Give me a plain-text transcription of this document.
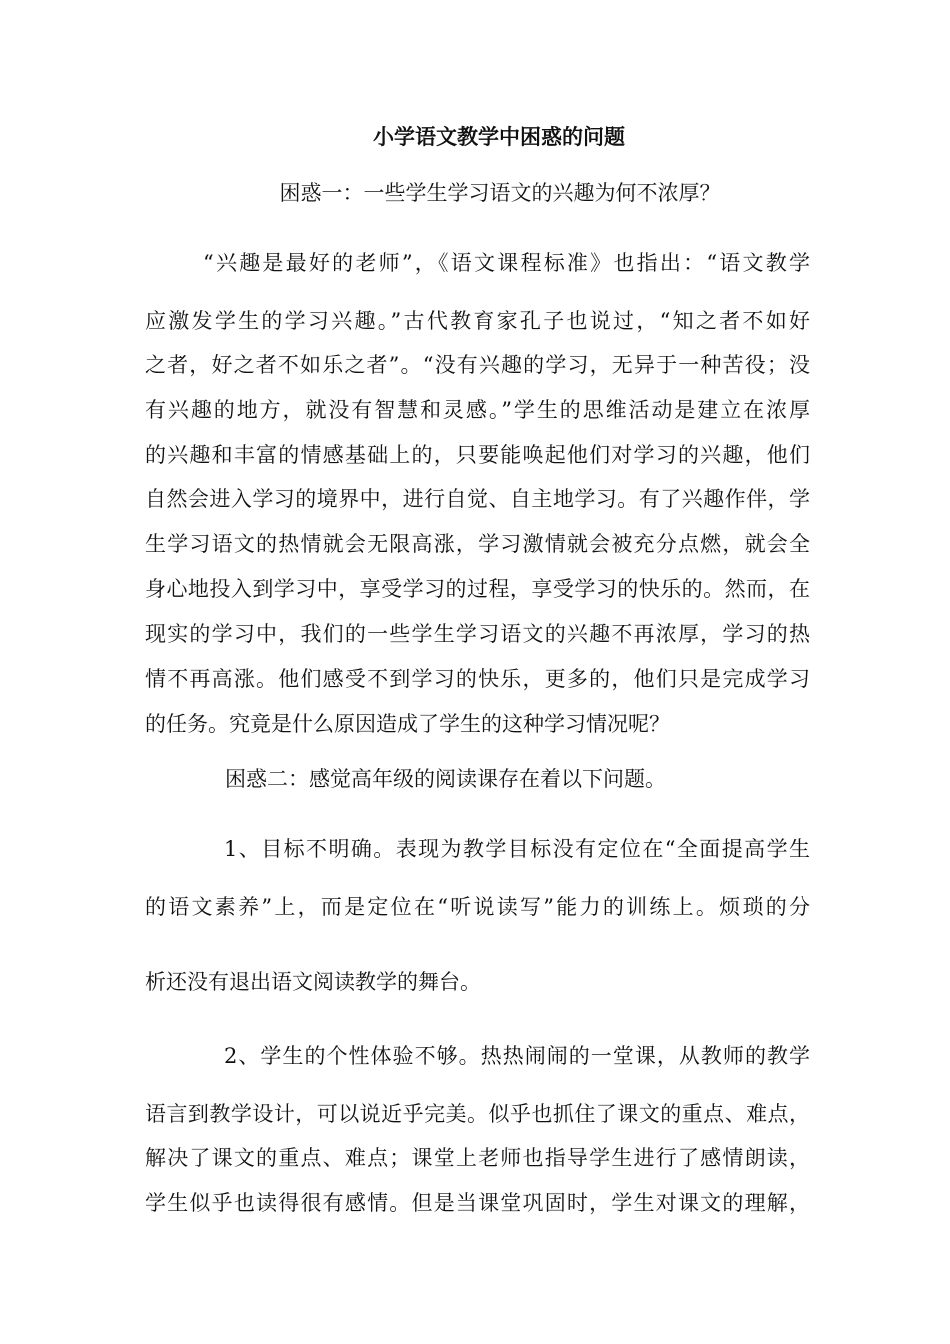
小学语文教学中困惑的问题
困惑一：一些学生学习语文的兴趣为何不浓厚？
“兴趣是最好的老师”，《语文课程标准》也指出：“语文教学
应激发学生的学习兴趣。”古代教育家孔子也说过，“知之者不如好
之者，好之者不如乐之者”。“没有兴趣的学习，无异于一种苦役；没
有兴趣的地方，就没有智慧和灵感。”学生的思维活动是建立在浓厚
的兴趣和丰富的情感基础上的，只要能唤起他们对学习的兴趣，他们
自然会进入学习的境界中，进行自觉、自主地学习。有了兴趣作伴，学
生学习语文的热情就会无限高涨，学习激情就会被充分点燃，就会全
身心地投入到学习中，享受学习的过程，享受学习的快乐的。然而，在
现实的学习中，我们的一些学生学习语文的兴趣不再浓厚，学习的热
情不再高涨。他们感受不到学习的快乐，更多的，他们只是完成学习
的任务。究竟是什么原因造成了学生的这种学习情况呢？
困惑二：感觉高年级的阅读课存在着以下问题。
1、目标不明确。表现为教学目标没有定位在“全面提高学生
的语文素养”上，而是定位在“听说读写”能力的训练上。烦琐的分
析还没有退出语文阅读教学的舞台。
2、学生的个性体验不够。热热闹闹的一堂课，从教师的教学
语言到教学设计，可以说近乎完美。似乎也抓住了课文的重点、难点，
解决了课文的重点、难点；课堂上老师也指导学生进行了感情朗读，
学生似乎也读得很有感情。但是当课堂巩固时，学生对课文的理解，
